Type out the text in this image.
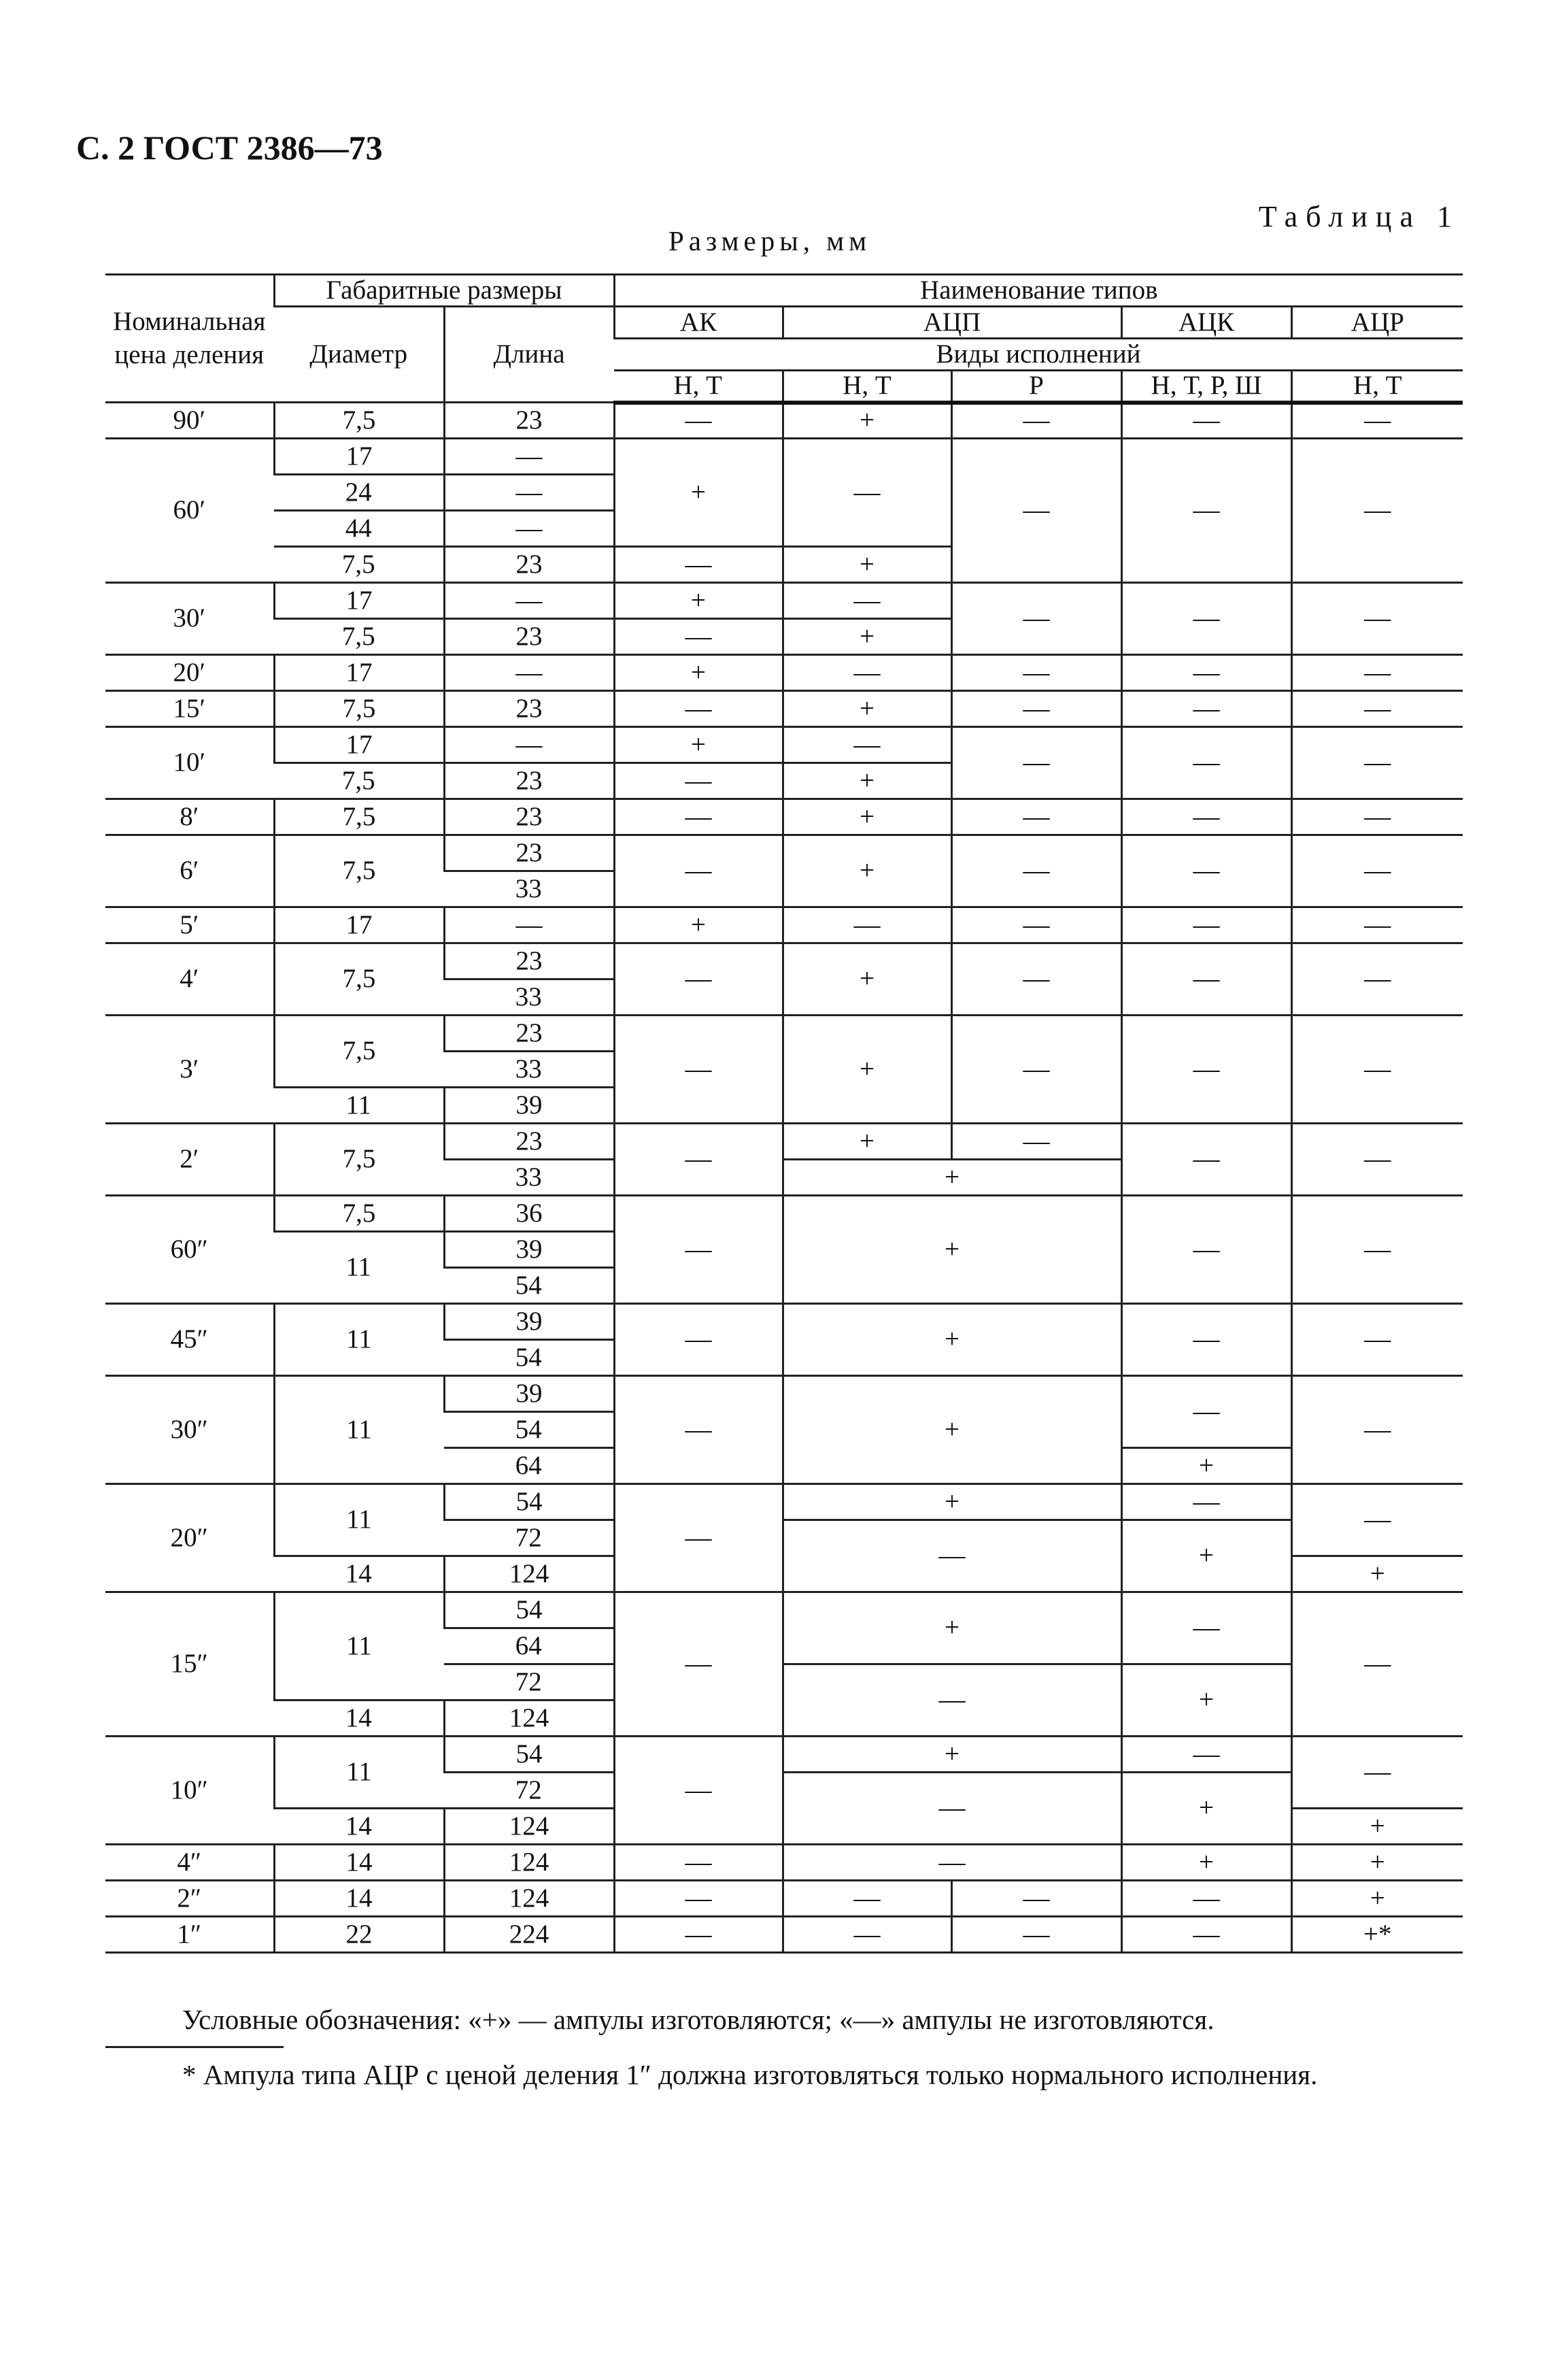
С. 2 ГОСТ 2386—73
Таблица 1
Размеры, мм
Номинальная цена деления	Габаритные размеры		Наименование типов				
	Диаметр	Длина	АК	АЦП		АЦК	АЦР
			Виды исполнений				
			Н, Т	Н, Т	Р	Н, Т, Р, Ш	Н, Т
90′	7,5	23	—	+	—	—	—
60′	17	—	+	—	—	—	—
	24	—					
	44	—					
	7,5	23	—	+			
30′	17	—	+	—	—	—	—
	7,5	23	—	+			
20′	17	—	+	—	—	—	—
15′	7,5	23	—	+	—	—	—
10′	17	—	+	—	—	—	—
	7,5	23	—	+			
8′	7,5	23	—	+	—	—	—
6′	7,5	23	—	+	—	—	—
		33					
5′	17	—	+	—	—	—	—
4′	7,5	23	—	+	—	—	—
		33					
3′	7,5	23	—	+	—	—	—
		33					
	11	39					
2′	7,5	23	—	+	—	—	—
		33		+			
60″	7,5	36	—	+		—	—
	11	39					
		54					
45″	11	39	—	+		—	—
		54					
30″	11	39	—	+		—	—
		54					
		64				+	
20″	11	54	—	+		—	—
		72		—		+	
	14	124					+
15″	11	54	—	+		—	—
		64					
		72		—		+	
	14	124					
10″	11	54	—	+		—	—
		72		—		+	
	14	124					+
4″	14	124	—	—		+	+
2″	14	124	—	—	—	—	+
1″	22	224	—	—	—	—	+*
Условные обозначения: «+» — ампулы изготовляются; «—» ампулы не изготовляются.
* Ампула типа АЦР с ценой деления 1″ должна изготовляться только нормального исполнения.
